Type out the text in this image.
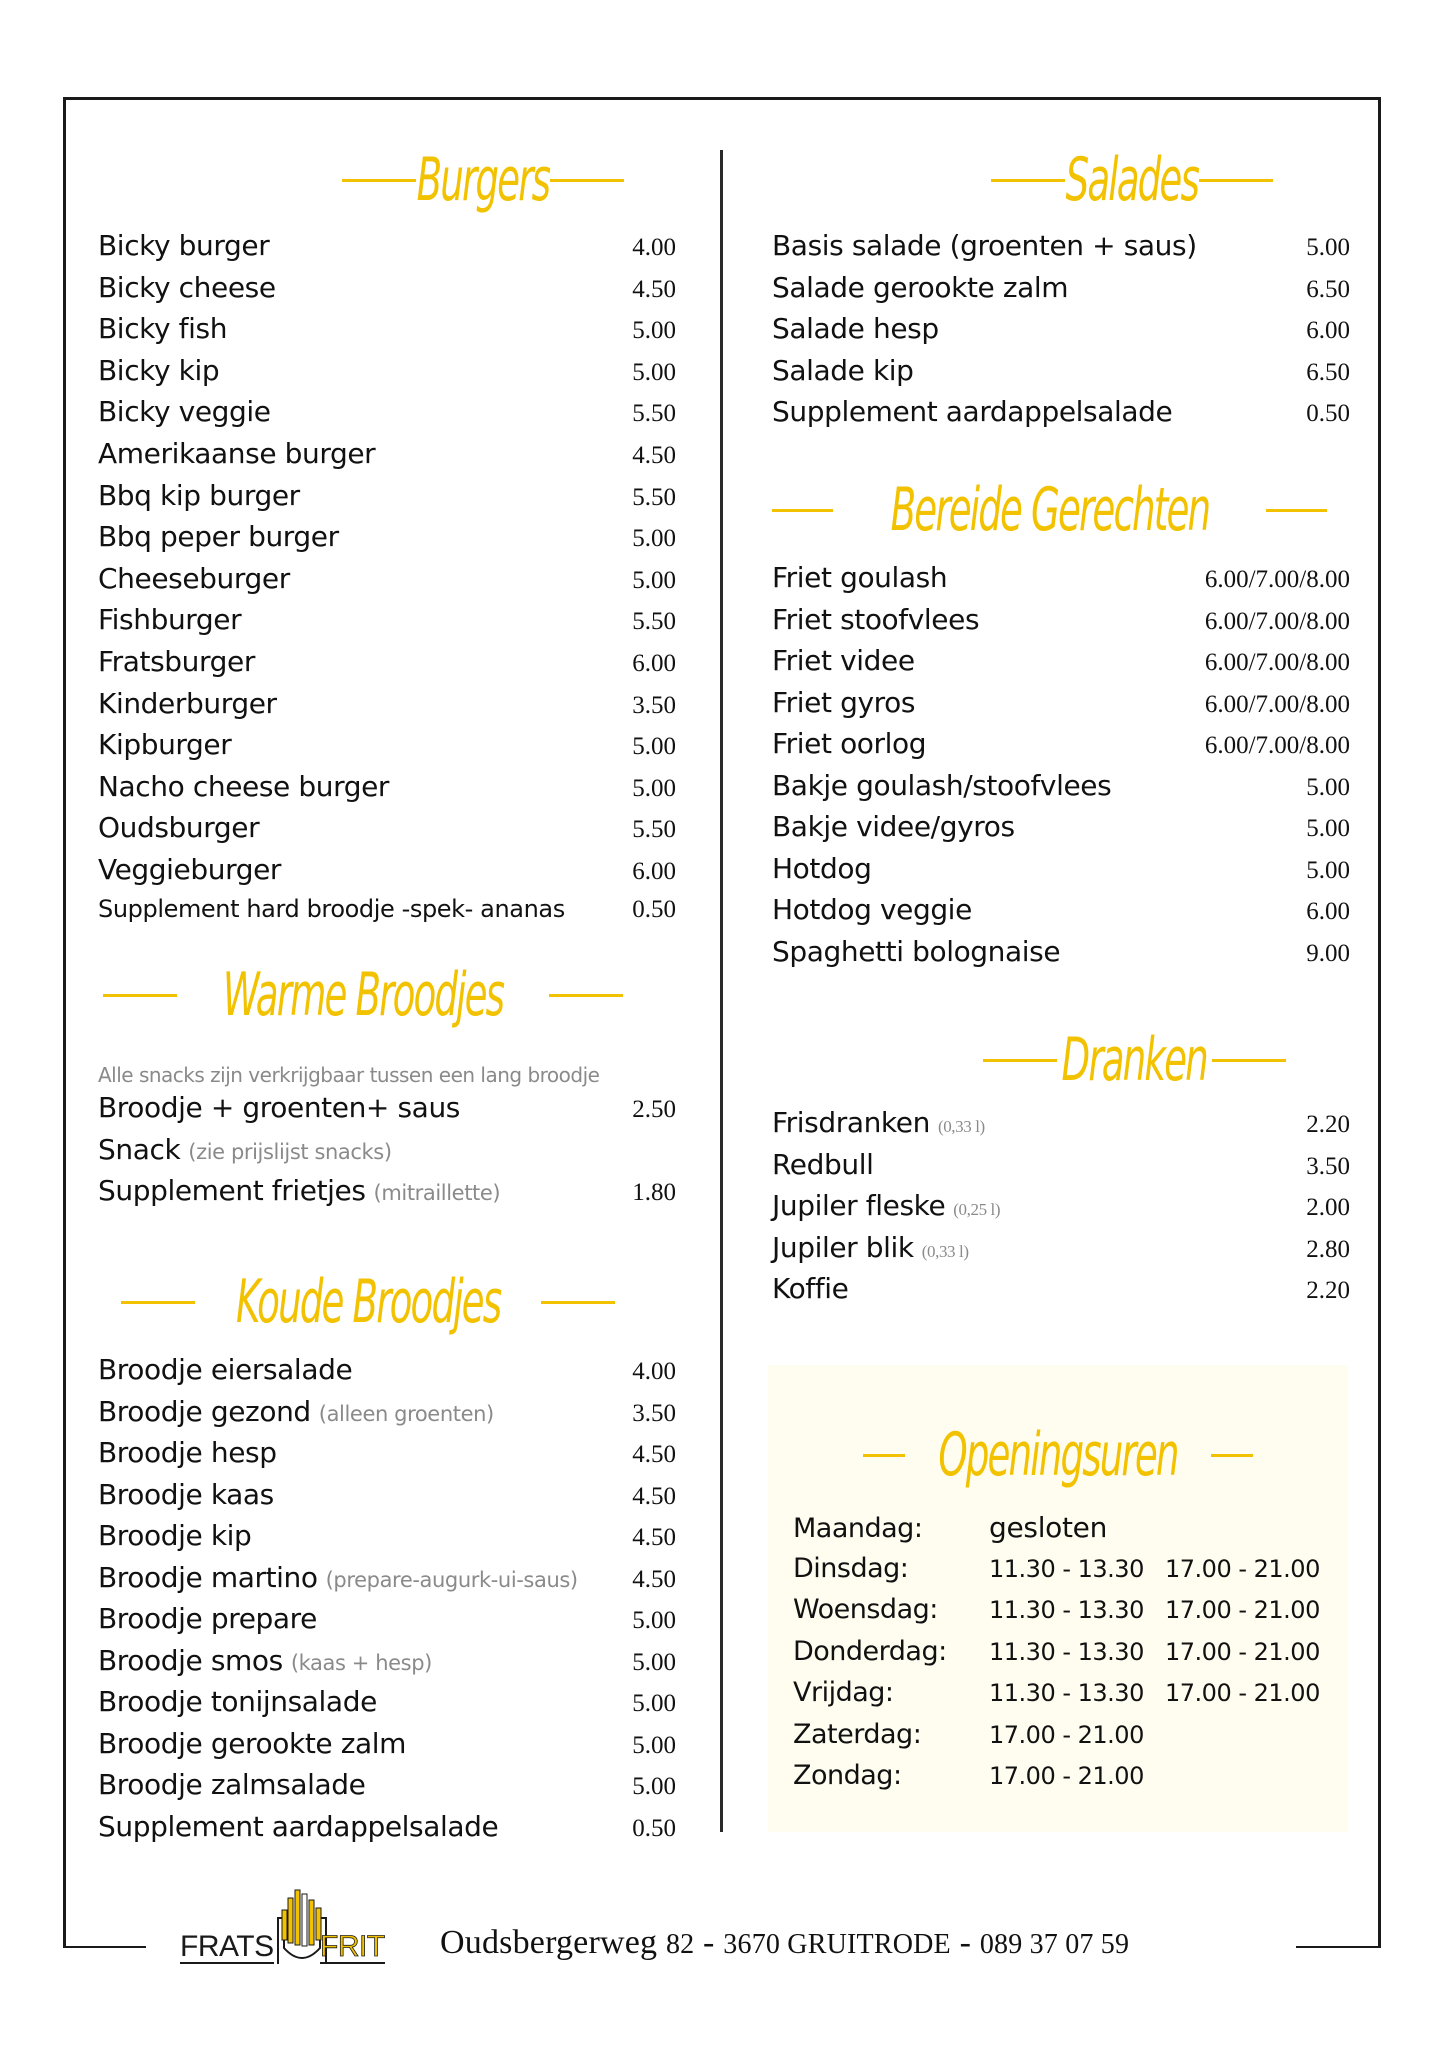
Burgers
Bicky burger	4.00
Bicky cheese	4.50
Bicky fish	5.00
Bicky kip	5.00
Bicky veggie	5.50
Amerikaanse burger	4.50
Bbq kip burger	5.50
Bbq peper burger	5.00
Cheeseburger	5.00
Fishburger	5.50
Fratsburger	6.00
Kinderburger	3.50
Kipburger	5.00
Nacho cheese burger	5.00
Oudsburger	5.50
Veggieburger	6.00
Supplement hard broodje -spek- ananas	0.50
Warme Broodjes
Alle snacks zijn verkrijgbaar tussen een lang broodje
Broodje + groenten+ saus	2.50
Snack (zie prijslijst snacks)
Supplement frietjes (mitraillette)	1.80
Koude Broodjes
Broodje eiersalade	4.00
Broodje gezond (alleen groenten)	3.50
Broodje hesp	4.50
Broodje kaas	4.50
Broodje kip	4.50
Broodje martino (prepare-augurk-ui-saus) 4.50
Broodje prepare	5.00
Broodje smos (kaas + hesp)	5.00
Broodje tonijnsalade	5.00
Broodje gerookte zalm	5.00
Broodje zalmsalade	5.00
Supplement aardappelsalade	0.50
Salades
Basis salade (groenten + saus)	5.00
Salade gerookte zalm	6.50
Salade hesp	6.00
Salade kip	6.50
Supplement aardappelsalade	0.50
Bereide Gerechten
Friet goulash	6.00/7.00/8.00
Friet stoofvlees	6.00/7.00/8.00
Friet videe	6.00/7.00/8.00
Friet gyros	6.00/7.00/8.00
Friet oorlog	6.00/7.00/8.00
Bakje goulash/stoofvlees	5.00
Bakje videe/gyros	5.00
Hotdog	5.00
Hotdog veggie	6.00
Spaghetti bolognaise	9.00
Dranken
Frisdranken (0,33 l)	2.20
Redbull	3.50
Jupiler fleske (0,25 l)	2.00
Jupiler blik (0,33 l)	2.80
Koffie	2.20
Openingsuren
Maandag:	gesloten
Dinsdag:	11.30 - 13.30 17.00 - 21.00
Woensdag:	11.30 - 13.30 17.00 - 21.00
Donderdag:	11.30 - 13.30 17.00 - 21.00
Vrijdag:	11.30 - 13.30 17.00 - 21.00
Zaterdag:	17.00 - 21.00
Zondag:	17.00 - 21.00
FRATS FRIT Oudsbergerweg 82 - 3670 GRUITRODE - 089 37 07 59
